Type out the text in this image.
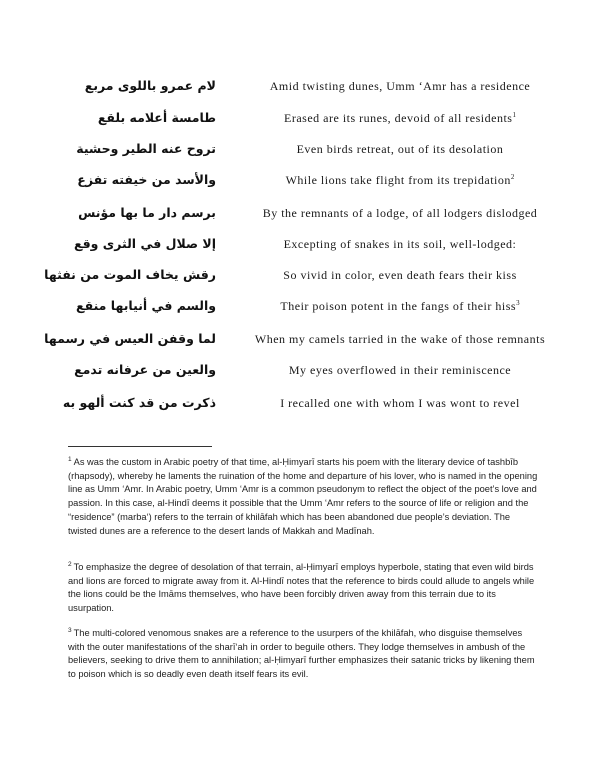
لام عمرو باللوى مربع	Amid twisting dunes, Umm ‘Amr has a residence
طامسة أعلامه بلقع	Erased are its runes, devoid of all residents$^1$
تروح عنه الطير وحشية	Even birds retreat, out of its desolation
والأسد من خيفته تفزع	While lions take flight from its trepidation$^2$
برسم دار ما بها مؤنس	By the remnants of a lodge, of all lodgers dislodged
إلا صلال في الثرى وقع	Excepting of snakes in its soil, well-lodged:
رقش يخاف الموت من نفثها	So vivid in color, even death fears their kiss
والسم في أنيابها منقع	Their poison potent in the fangs of their hiss$^3$
لما وقفن العيس في رسمها	When my camels tarried in the wake of those remnants
والعين من عرفانه تدمع	My eyes overflowed in their reminiscence
ذكرت من قد كنت ألهو به	I recalled one with whom I was wont to revel

$^1$ As was the custom in Arabic poetry of that time, al-Ḥimyarī starts his poem with the literary device of tashbīb (rhapsody), whereby he laments the ruination of the home and departure of his lover, who is named in the opening line as Umm ‘Amr. In Arabic poetry, Umm ‘Amr is a common pseudonym to reflect the object of the poet’s love and passion. In this case, al-Hindī deems it possible that the Umm ‘Amr refers to the source of life or religion and the “residence” (marba‘) refers to the terrain of khilāfah which has been abandoned due people’s deviation. The twisted dunes are a reference to the desert lands of Makkah and Madīnah.

$^2$ To emphasize the degree of desolation of that terrain, al-Ḥimyarī employs hyperbole, stating that even wild birds and lions are forced to migrate away from it. Al-Hindī notes that the reference to birds could allude to angels while the lions could be the Imāms themselves, who have been forcibly driven away from this terrain due to its usurpation.

$^3$ The multi-colored venomous snakes are a reference to the usurpers of the khilāfah, who disguise themselves with the outer manifestations of the sharī‘ah in order to beguile others. They lodge themselves in ambush of the believers, seeking to drive them to annihilation; al-Ḥimyarī further emphasizes their satanic tricks by likening them to poison which is so deadly even death itself fears its evil.
